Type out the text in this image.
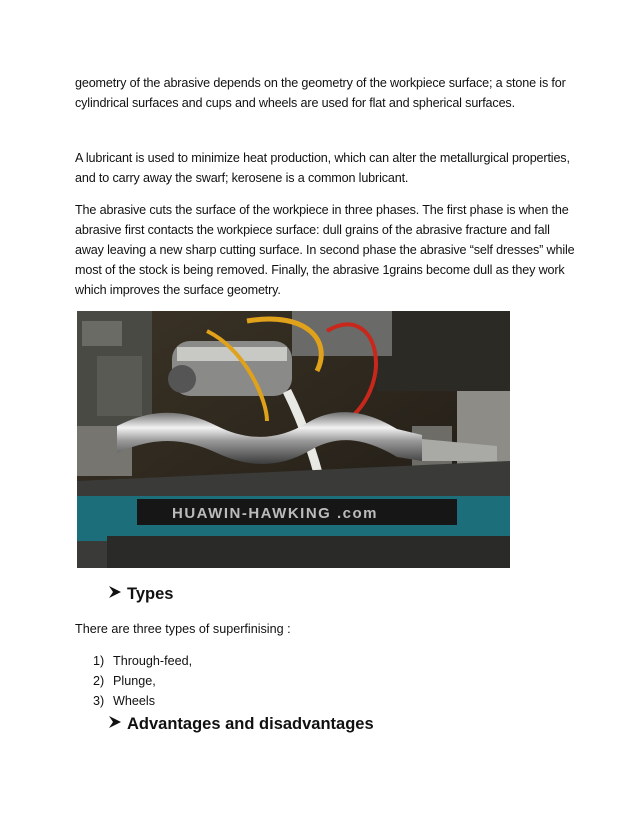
geometry of the abrasive depends on the geometry of the workpiece surface; a stone is for cylindrical surfaces and cups and wheels are used for flat and spherical surfaces.

A lubricant is used to minimize heat production, which can alter the metallurgical properties, and to carry away the swarf; kerosene is a common lubricant.

The abrasive cuts the surface of the workpiece in three phases. The first phase is when the abrasive first contacts the workpiece surface: dull grains of the abrasive fracture and fall away leaving a new sharp cutting surface. In second phase the abrasive “self dresses” while most of the stock is being removed. Finally, the abrasive 1grains become dull as they work which improves the surface geometry.

HUAWIN-HAWKING .com
Types

There are three types of superfinising :

1) Through-feed,
2) Plunge,
3) Wheels
Advantages and disadvantages
